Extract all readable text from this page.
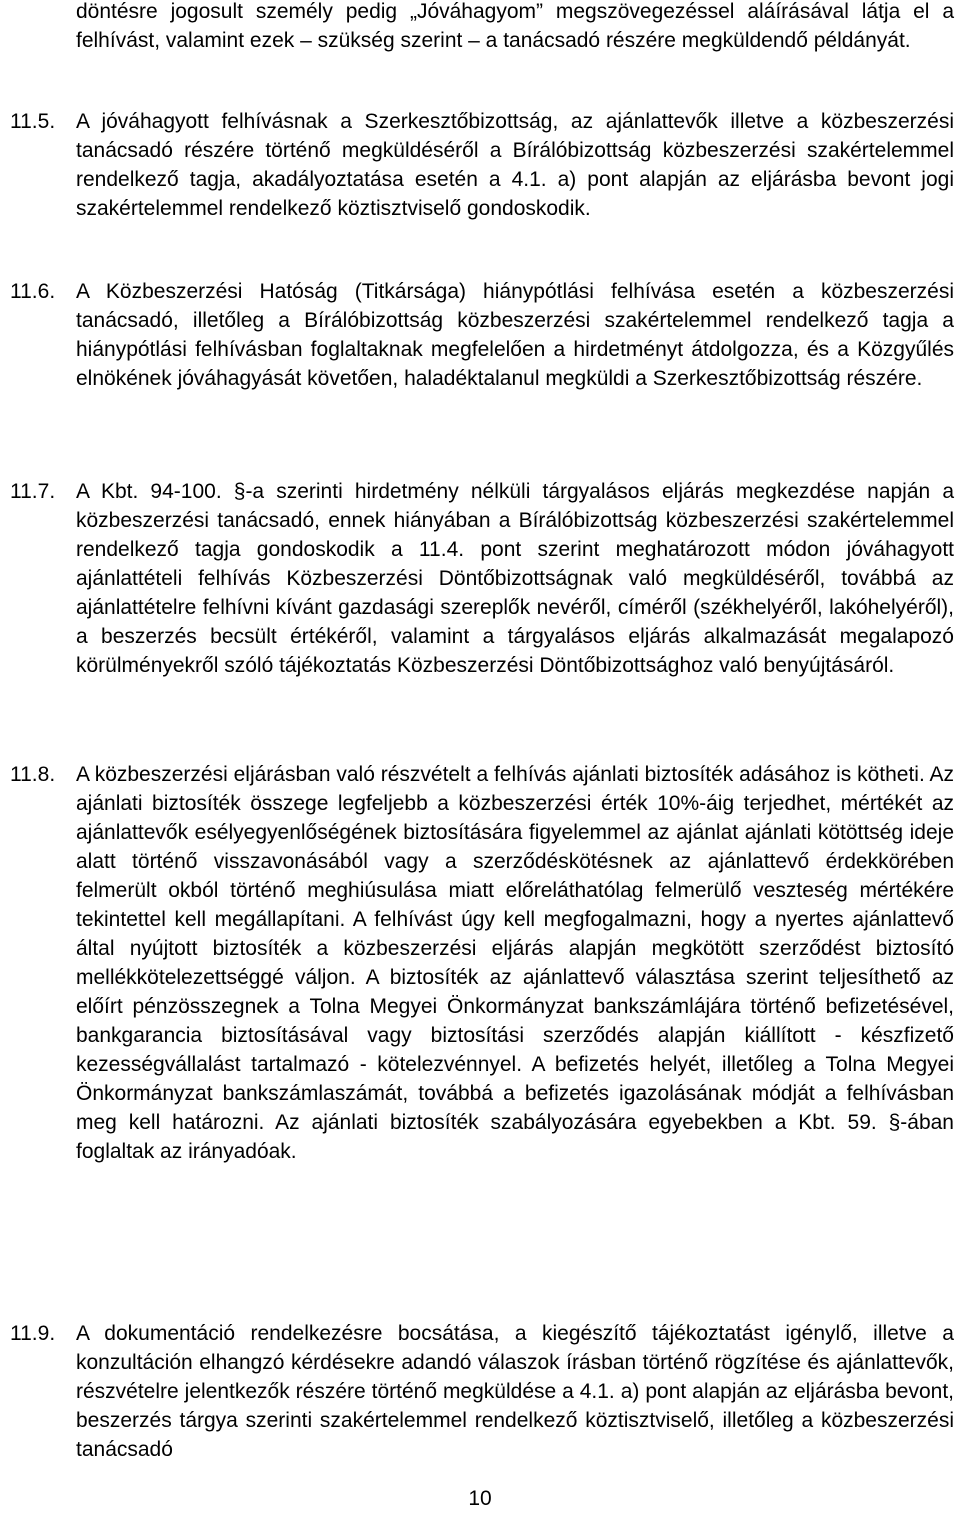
döntésre jogosult személy pedig „Jóváhagyom” megszövegezéssel aláírásával látja el a felhívást, valamint ezek – szükség szerint – a tanácsadó részére megküldendő példányát.
11.5. A jóváhagyott felhívásnak a Szerkesztőbizottság, az ajánlattevők illetve a közbeszerzési tanácsadó részére történő megküldéséről a Bírálóbizottság közbeszerzési szakértelemmel rendelkező tagja, akadályoztatása esetén a 4.1. a) pont alapján az eljárásba bevont jogi szakértelemmel rendelkező köztisztviselő gondoskodik.
11.6. A Közbeszerzési Hatóság (Titkársága) hiánypótlási felhívása esetén a közbeszerzési tanácsadó, illetőleg a Bírálóbizottság közbeszerzési szakértelemmel rendelkező tagja a hiánypótlási felhívásban foglaltaknak megfelelően a hirdetményt átdolgozza, és a Közgyűlés elnökének jóváhagyását követően, haladéktalanul megküldi a Szerkesztőbizottság részére.
11.7. A Kbt. 94-100. §-a szerinti hirdetmény nélküli tárgyalásos eljárás megkezdése napján a közbeszerzési tanácsadó, ennek hiányában a Bírálóbizottság közbeszerzési szakértelemmel rendelkező tagja gondoskodik a 11.4. pont szerint meghatározott módon jóváhagyott ajánlattételi felhívás Közbeszerzési Döntőbizottságnak való megküldéséről, továbbá az ajánlattételre felhívni kívánt gazdasági szereplők nevéről, címéről (székhelyéről, lakóhelyéről), a beszerzés becsült értékéről, valamint a tárgyalásos eljárás alkalmazását megalapozó körülményekről szóló tájékoztatás Közbeszerzési Döntőbizottsághoz való benyújtásáról.
11.8. A közbeszerzési eljárásban való részvételt a felhívás ajánlati biztosíték adásához is kötheti. Az ajánlati biztosíték összege legfeljebb a közbeszerzési érték 10%-áig terjedhet, mértékét az ajánlattevők esélyegyenlőségének biztosítására figyelemmel az ajánlat ajánlati kötöttség ideje alatt történő visszavonásából vagy a szerződéskötésnek az ajánlattevő érdekkörében felmerült okból történő meghiúsulása miatt előreláthatólag felmerülő veszteség mértékére tekintettel kell megállapítani. A felhívást úgy kell megfogalmazni, hogy a nyertes ajánlattevő által nyújtott biztosíték a közbeszerzési eljárás alapján megkötött szerződést biztosító mellékkötelezettséggé váljon. A biztosíték az ajánlattevő választása szerint teljesíthető az előírt pénzösszegnek a Tolna Megyei Önkormányzat bankszámlájára történő befizetésével, bankgarancia biztosításával vagy biztosítási szerződés alapján kiállított - készfizető kezességvállalást tartalmazó - kötelezvénnyel. A befizetés helyét, illetőleg a Tolna Megyei Önkormányzat bankszámlaszámát, továbbá a befizetés igazolásának módját a felhívásban meg kell határozni. Az ajánlati biztosíték szabályozására egyebekben a Kbt. 59. §-ában foglaltak az irányadóak.
11.9. A dokumentáció rendelkezésre bocsátása, a kiegészítő tájékoztatást igénylő, illetve a konzultáción elhangzó kérdésekre adandó válaszok írásban történő rögzítése és ajánlattevők, részvételre jelentkezők részére történő megküldése a 4.1. a) pont alapján az eljárásba bevont, beszerzés tárgya szerinti szakértelemmel rendelkező köztisztviselő, illetőleg a közbeszerzési tanácsadó
10
